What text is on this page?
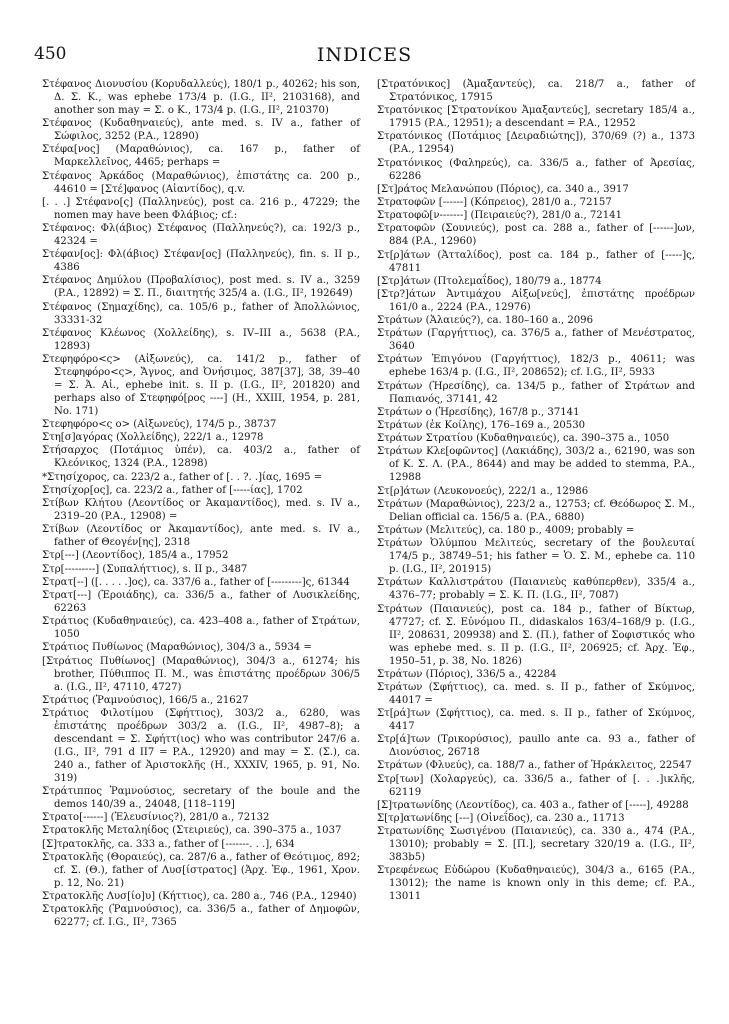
450	INDICES

Στέφανος Διονυσίου (Κορυδαλλεύς), 180/1 p., 40262; his son, Δ. Σ. Κ., was ephebe 173/4 p. (I.G., II², 2103168), and another son may = Σ. ο Κ., 173/4 p. (I.G., II², 210370)

Στέφανος (Κυδαθηναιεύς), ante med. s. IV a., father of Σώφιλος, 3252 (P.A., 12890)

Στέφα[νος] (Μαραθώνιος), ca. 167 p., father of Μαρκελλεῖνος, 4465; perhaps =

Στέφανος Ἀρκάδος (Μαραθώνιος), ἐπιστάτης ca. 200 p., 44610 = [Στέ]φανος (Αἰαντίδος), q.v.

[. . .] Στέφανο[ς] (Παλληνεύς), post ca. 216 p., 47229; the nomen may have been Φλάβιος; cf.:

Στέφανος: Φλ(άβιος) Στέφανος (Παλληνεύς?), ca. 192/3 p., 42324 =

Στέφαν[ος]: Φλ(άβιος) Στέφαν[ος] (Παλληνεύς), fin. s. II p., 4386

Στέφανος Δημύλου (Προβαλίσιος), post med. s. IV a., 3259 (P.A., 12892) = Σ. Π., διαιτητής 325/4 a. (I.G., II², 192649)

Στέφανος (Σημαχίδης), ca. 105/6 p., father of Ἀπολλώνιος, 33331-32

Στέφανος Κλέωνος (Χολλείδης), s. IV–III a., 5638 (P.A., 12893)

Στεφηφόρο<ς> (Αἰξωνεύς), ca. 141/2 p., father of Στεφηφόρο<ς>, Ἄγνος, and Ὀνήσιμος, 387[37], 38, 39–40 = Σ. Ἀ. Αἰ., ephebe init. s. II p. (I.G., II², 201820) and perhaps also of Στεφηφό[ρος ----] (H., XXIII, 1954, p. 281, No. 171)

Στεφηφόρο<ς ο> (Αἰξωνεύς), 174/5 p., 38737

Στη[σ]αγόρας (Χολλείδης), 222/1 a., 12978

Στήσαρχος (Ποτάμιος ὑπέν), ca. 403/2 a., father of Κλεόνικος, 1324 (P.A., 12898)

*Στησίχορος, ca. 223/2 a., father of [. . ?. .]ίας, 1695 =

Στησίχορ[ος], ca. 223/2 a., father of [-----ίας], 1702

Στίβων Κλήτου (Λεοντίδος or Ἀκαμαντίδος), med. s. IV a., 2319–20 (P.A., 12908) =

Στίβων (Λεοντίδος or Ἀκαμαντίδος), ante med. s. IV a., father of Θεογέν[ης], 2318

Στρ[---] (Λεοντίδος), 185/4 a., 17952

Στρ[---------] (Συπαλήττιος), s. II p., 3487

Στρατ[--] ([. . . . .]ος), ca. 337/6 a., father of [---------]ς, 61344

Στρατ[---] (Ἐροιάδης), ca. 336/5 a., father of Λυσικλείδης, 62263

Στράτιος (Κυδαθηναιεύς), ca. 423–408 a., father of Στράτων, 1050

Στράτιος Πυθίωνος (Μαραθώνιος), 304/3 a., 5934 =

[Στράτιος Πυθίωνος] (Μαραθώνιος), 304/3 a., 61274; his brother, Πύθιππος Π. Μ., was ἐπιστάτης προέδρων 306/5 a. (I.G., II², 47110, 4727)

Στράτιος (Ῥαμνούσιος), 166/5 a., 21627

Στράτιος Φιλοτίμου (Σφήττιος), 303/2 a., 6280, was ἐπιστάτης προέδρων 303/2 a. (I.G., II², 4987–8); a descendant = Σ. Σφήττ(ιος) who was contributor 247/6 a. (I.G., II², 791 d II7 = P.A., 12920) and may = Σ. (Σ.), ca. 240 a., father of Ἀριστοκλῆς (H., XXXIV, 1965, p. 91, No. 319)

Στράτιππος Ῥαμνούσιος, secretary of the boule and the demos 140/39 a., 24048, [118–119]

Στρατο[------] (Ἐλευσίνιος?), 281/0 a., 72132

Στρατοκλῆς Μεταληίδος (Στειριεύς), ca. 390–375 a., 1037

[Σ]τρατοκλῆς, ca. 333 a., father of [-------. . .], 634

Στρατοκλῆς (Θοραιεύς), ca. 287/6 a., father of Θεότιμος, 892; cf. Σ. (Θ.), father of Λυσ[ίστρατος] (Ἀρχ. Ἐφ., 1961, Χρον. p. 12, No. 21)

Στρατοκλῆς Λυσ[ίο]υ] (Κήττιος), ca. 280 a., 746 (P.A., 12940)

Στρατοκλῆς (Ῥαμνούσιος), ca. 336/5 a., father of Δημοφῶν, 62277; cf. I.G., II², 7365

[Στρατόνικος] (Ἀμαξαντεύς), ca. 218/7 a., father of Στρατόνικος, 17915

Στρατόνικος [Στρατονίκου Ἀμαξαντεύς], secretary 185/4 a., 17915 (P.A., 12951); a descendant = P.A., 12952

Στρατόνικος (Ποτάμιος [Δειραδιώτης]), 370/69 (?) a., 1373 (P.A., 12954)

Στρατόνικος (Φαληρεύς), ca. 336/5 a., father of Ἀρεσίας, 62286

[Στ]ράτος Μελανώπου (Πόριος), ca. 340 a., 3917

Στρατοφῶν [------] (Κόπρειος), 281/0 a., 72157

Στρατοφῶ[ν-------] (Πειραιεύς?), 281/0 a., 72141

Στρατοφῶν (Σουνιεύς), post ca. 288 a., father of [------]ων, 884 (P.A., 12960)

Στ[ρ]άτων (Ἀτταλίδος), post ca. 184 p., father of [-----]ς, 47811

[Στρ]άτων (Πτολεμαΐδος), 180/79 a., 18774

[Στρ?]άτων Ἀντιμάχου Αἰξω[νεύς], ἐπιστάτης προέδρων 161/0 a., 2224 (P.A., 12976)

Στράτων (Ἁλαιεύς?), ca. 180–160 a., 2096

Στράτων (Γαργήττιος), ca. 376/5 a., father of Μενέστρατος, 3640

Στράτων Ἐπιγόνου (Γαργήττιος), 182/3 p., 40611; was ephebe 163/4 p. (I.G., II², 208652); cf. I.G., II², 5933

Στράτων (Ἡρεσίδης), ca. 134/5 p., father of Στράτων and Παπιανός, 37141, 42

Στράτων ο (Ἡρεσίδης), 167/8 p., 37141

Στράτων (ἐκ Κοίλης), 176–169 a., 20530

Στράτων Στρατίου (Κυδαθηναιεύς), ca. 390–375 a., 1050

Στράτων Κλε[οφῶντος] (Λακιάδης), 303/2 a., 62190, was son of Κ. Σ. Λ. (P.A., 8644) and may be added to stemma, P.A., 12988

Στ[ρ]άτων (Λευκονοεύς), 222/1 a., 12986

Στράτων (Μαραθώνιος), 223/2 a., 12753; cf. Θεόδωρος Σ. Μ., Delian official ca. 156/5 a. (P.A., 6880)

Στράτων (Μελιτεύς), ca. 180 p., 4009; probably =

Στράτων Ὀλύμπου Μελιτεύς, secretary of the βουλευταί 174/5 p., 38749–51; his father = Ὁ. Σ. M., ephebe ca. 110 p. (I.G., II², 201915)

Στράτων Καλλιστράτου (Παιανιεὺς καθύπερθεν), 335/4 a., 4376–77; probably = Σ. Κ. Π. (I.G., II², 7087)

Στράτων (Παιανιεύς), post ca. 184 p., father of Βίκτωρ, 47727; cf. Σ. Εὐνόμου Π., didaskalos 163/4–168/9 p. (I.G., II², 208631, 209938) and Σ. (Π.), father of Σοφιστικός who was ephebe med. s. II p. (I.G., II², 206925; cf. Ἀρχ. Ἐφ., 1950–51, p. 38, No. 1826)

Στράτων (Πόριος), 336/5 a., 42284

Στράτων (Σφήττιος), ca. med. s. II p., father of Σκύμνος, 44017 =

Στ[ρά]των (Σφήττιος), ca. med. s. II p., father of Σκύμνος, 4417

Στρ[ά]των (Τρικορύσιος), paullo ante ca. 93 a., father of Διονύσιος, 26718

Στράτων (Φλυεύς), ca. 188/7 a., father of Ἡράκλειτος, 22547

Στρ[των] (Χολαργεύς), ca. 336/5 a., father of [. . .]ικλῆς, 62119

[Σ]τρατωνίδης (Λεοντίδος), ca. 403 a., father of [-----], 49288

Σ[τρ]ατωνίδης [---] (Οἰνεΐδος), ca. 230 a., 11713

Στρατωνίδης Σωσιγένου (Παιανιεύς), ca. 330 a., 474 (P.A., 13010); probably = Σ. [Π.], secretary 320/19 a. (I.G., II², 383b5)

Στρεφένεως Εὐδώρου (Κυδαθηναιεύς), 304/3 a., 6165 (P.A., 13012); the name is known only in this deme; cf. P.A., 13011
